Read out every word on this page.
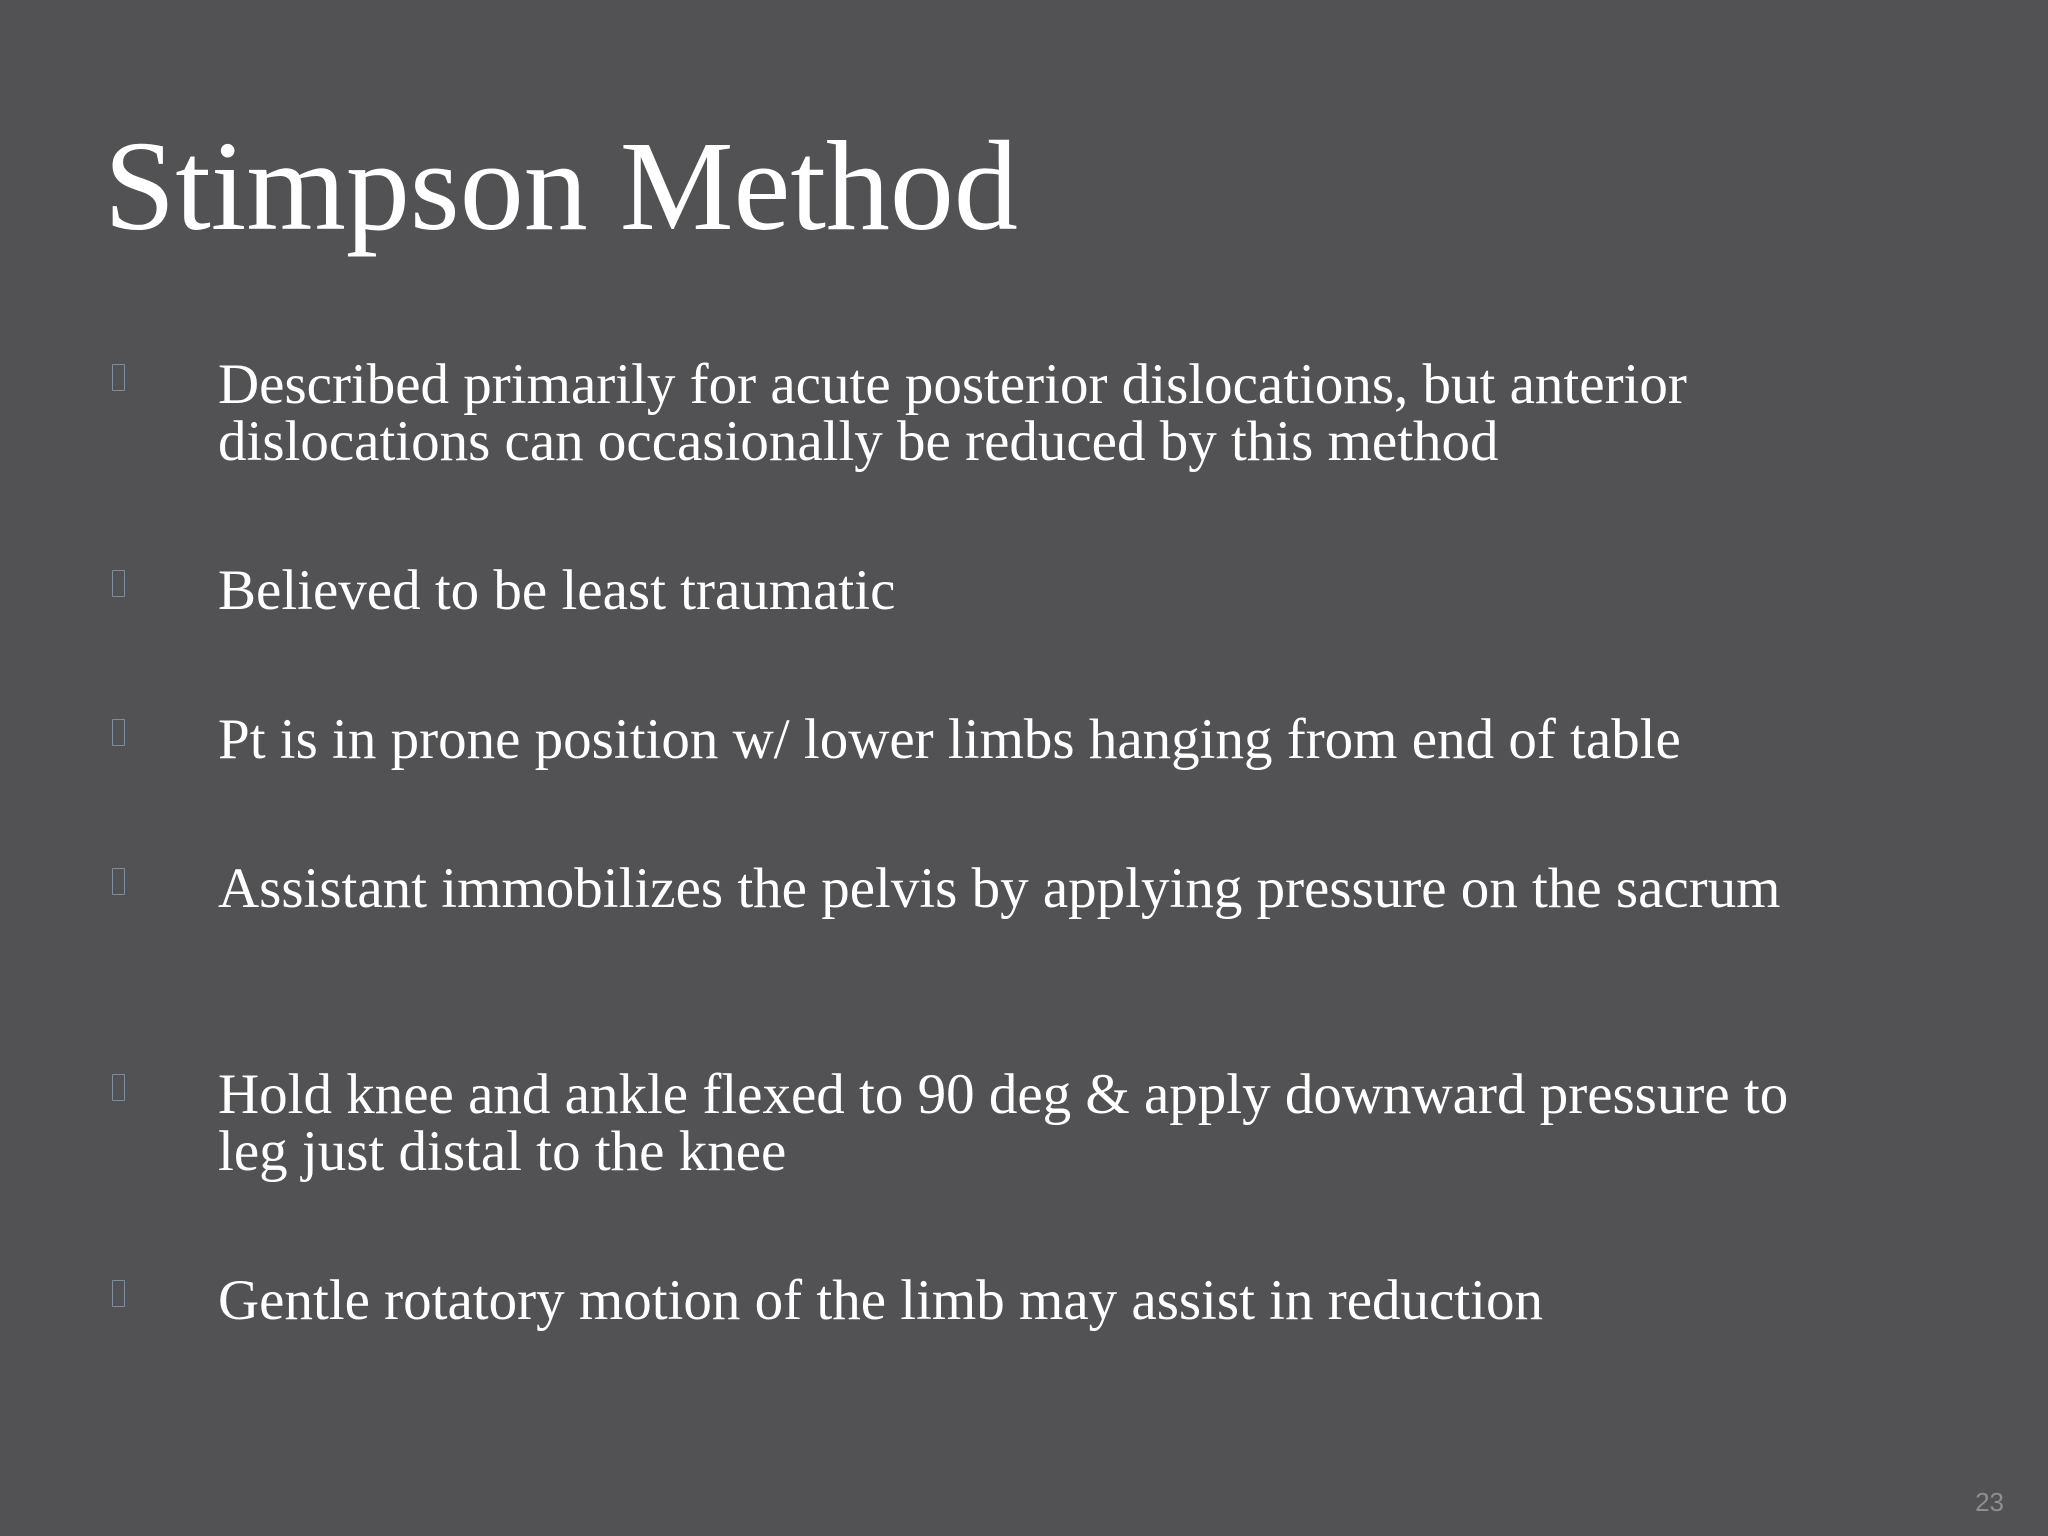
Stimpson Method

Described primarily for acute posterior dislocations, but anterior dislocations can occasionally be reduced by this method

Believed to be least traumatic

Pt is in prone position w/ lower limbs hanging from end of table

Assistant immobilizes the pelvis by applying pressure on the sacrum

Hold knee and ankle flexed to 90 deg & apply downward pressure to leg just distal to the knee

Gentle rotatory motion of the limb may assist in reduction

23
